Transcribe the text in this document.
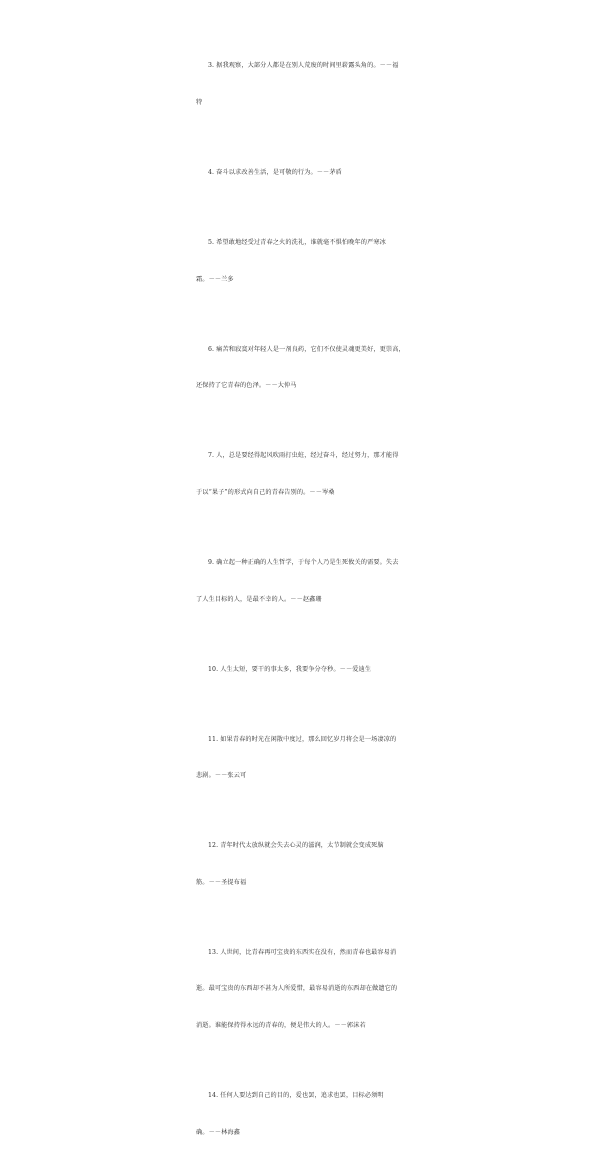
3. 据我观察，大部分人都是在别人荒废的时间里崭露头角的。－－福

特

4. 奋斗以求改善生活，是可敬的行为。－－茅盾

5. 希望敢地经受过青春之火的洗礼，谁就毫不惧怕晚年的严寒冰

霜。－－兰多

6. 痛苦和寂寞对年轻人是一剂良药，它们不仅使灵魂更美好，更崇高，

还保持了它青春的色泽。－－大仲马

7. 人，总是要经得起风吹雨打虫蛀，经过奋斗，经过努力，那才能得

于以“果子”的形式向自己的青春告别的。－－岑桑

9. 确立起一种正确的人生哲学，于每个人乃是生死攸关的需要。失去

了人生目标的人，是最不幸的人。－－赵鑫珊

10. 人生太短，要干的事太多，我要争分夺秒。－－爱迪生

11. 如果青春的时光在闲散中度过，那么回忆岁月将会是一场凄凉的

悲剧。－－张云可

12. 青年时代太放纵就会失去心灵的滋润，太节制就会变成死脑

筋。－－圣提布福

13. 人世间，比青春再可宝贵的东西实在没有，然而青春也最容易消

逝。最可宝贵的东西却不甚为人所爱惜，最容易消逝的东西却在做遗它的

消逝。谁能保持得永远的青春的，便是伟大的人。－－郭沫若

14. 任何人要达到自己的目的，爱也罢，追求也罢，目标必须明

确。－－林海鑫
